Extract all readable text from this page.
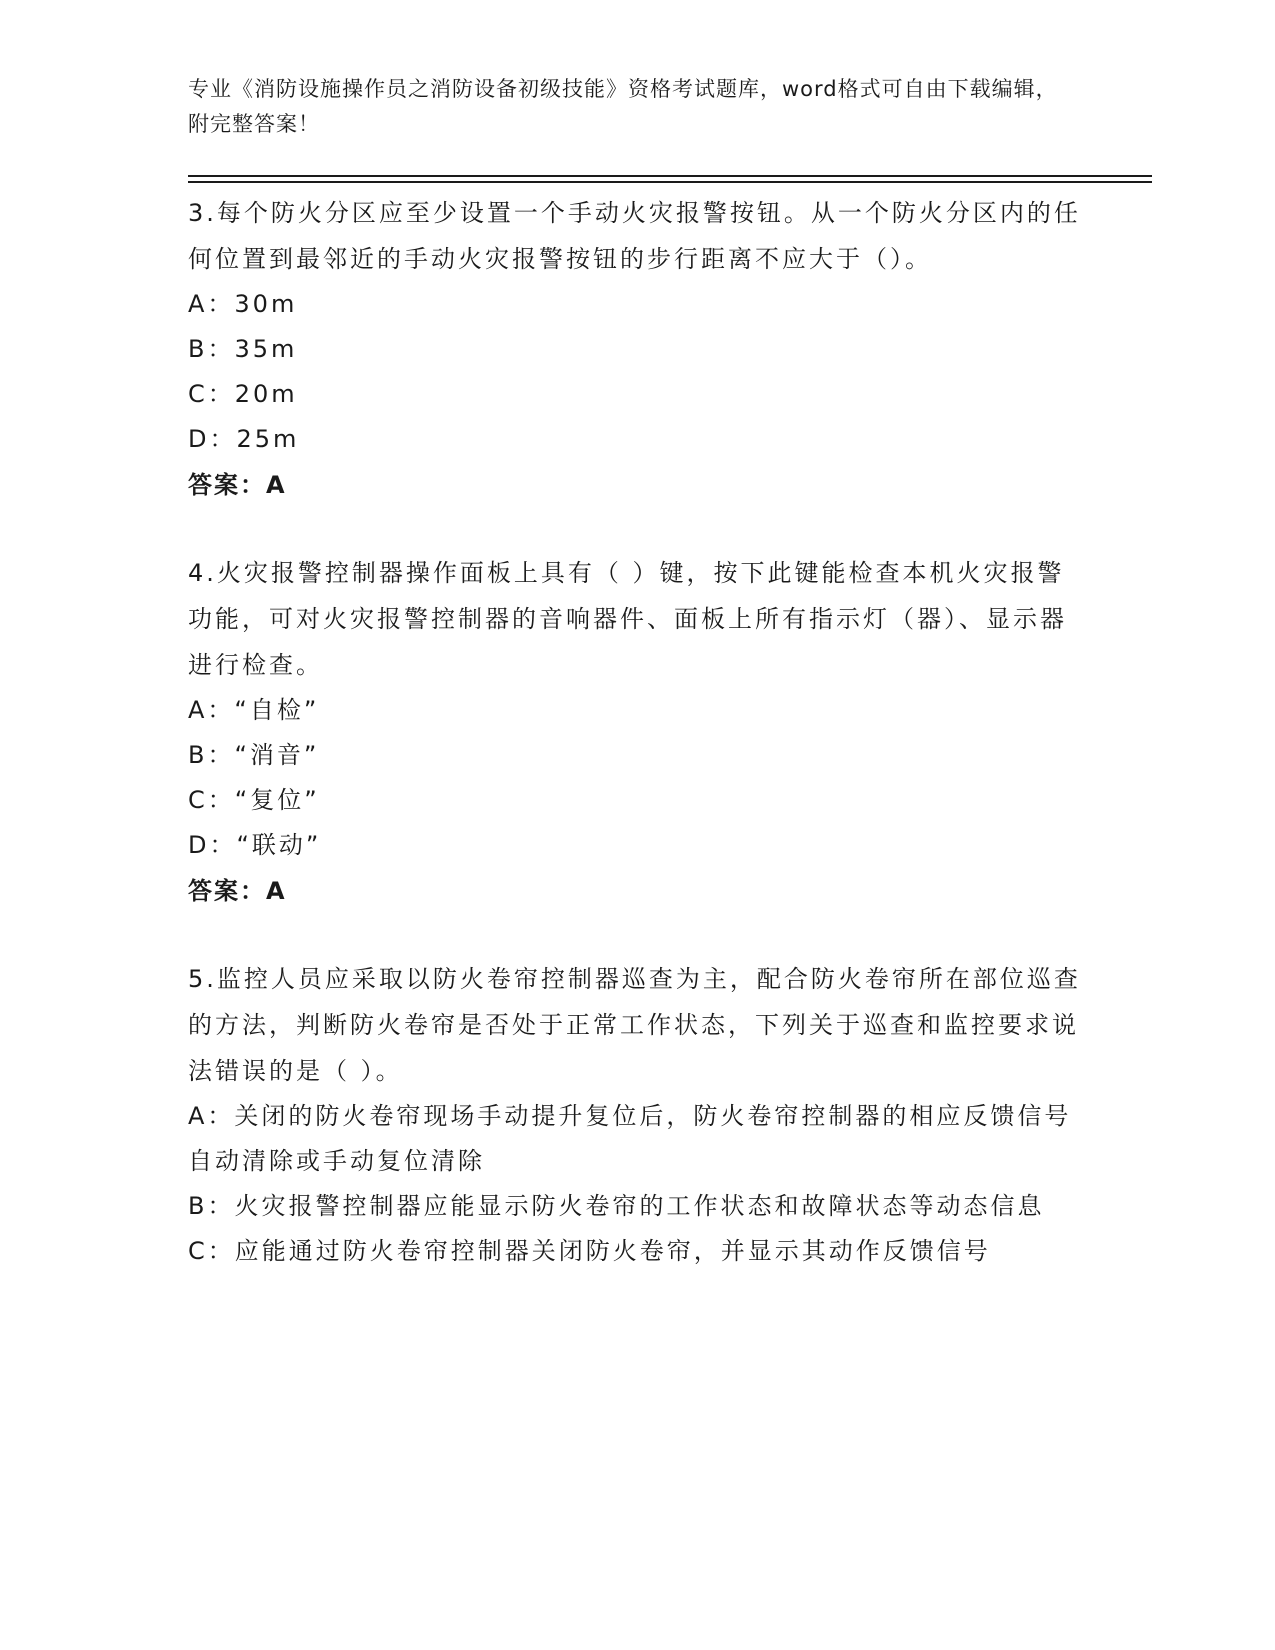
专业《消防设施操作员之消防设备初级技能》资格考试题库，word格式可自由下载编辑，附完整答案！
3.每个防火分区应至少设置一个手动火灾报警按钮。从一个防火分区内的任何位置到最邻近的手动火灾报警按钮的步行距离不应大于（）。
A：30m
B：35m
C：20m
D：25m
答案：A
4.火灾报警控制器操作面板上具有（ ）键，按下此键能检查本机火灾报警功能，可对火灾报警控制器的音响器件、面板上所有指示灯（器）、显示器进行检查。
A：“自检”
B：“消音”
C：“复位”
D：“联动”
答案：A
5.监控人员应采取以防火卷帘控制器巡查为主，配合防火卷帘所在部位巡查的方法，判断防火卷帘是否处于正常工作状态，下列关于巡查和监控要求说法错误的是（ ）。
A：关闭的防火卷帘现场手动提升复位后，防火卷帘控制器的相应反馈信号自动清除或手动复位清除
B：火灾报警控制器应能显示防火卷帘的工作状态和故障状态等动态信息
C：应能通过防火卷帘控制器关闭防火卷帘，并显示其动作反馈信号
